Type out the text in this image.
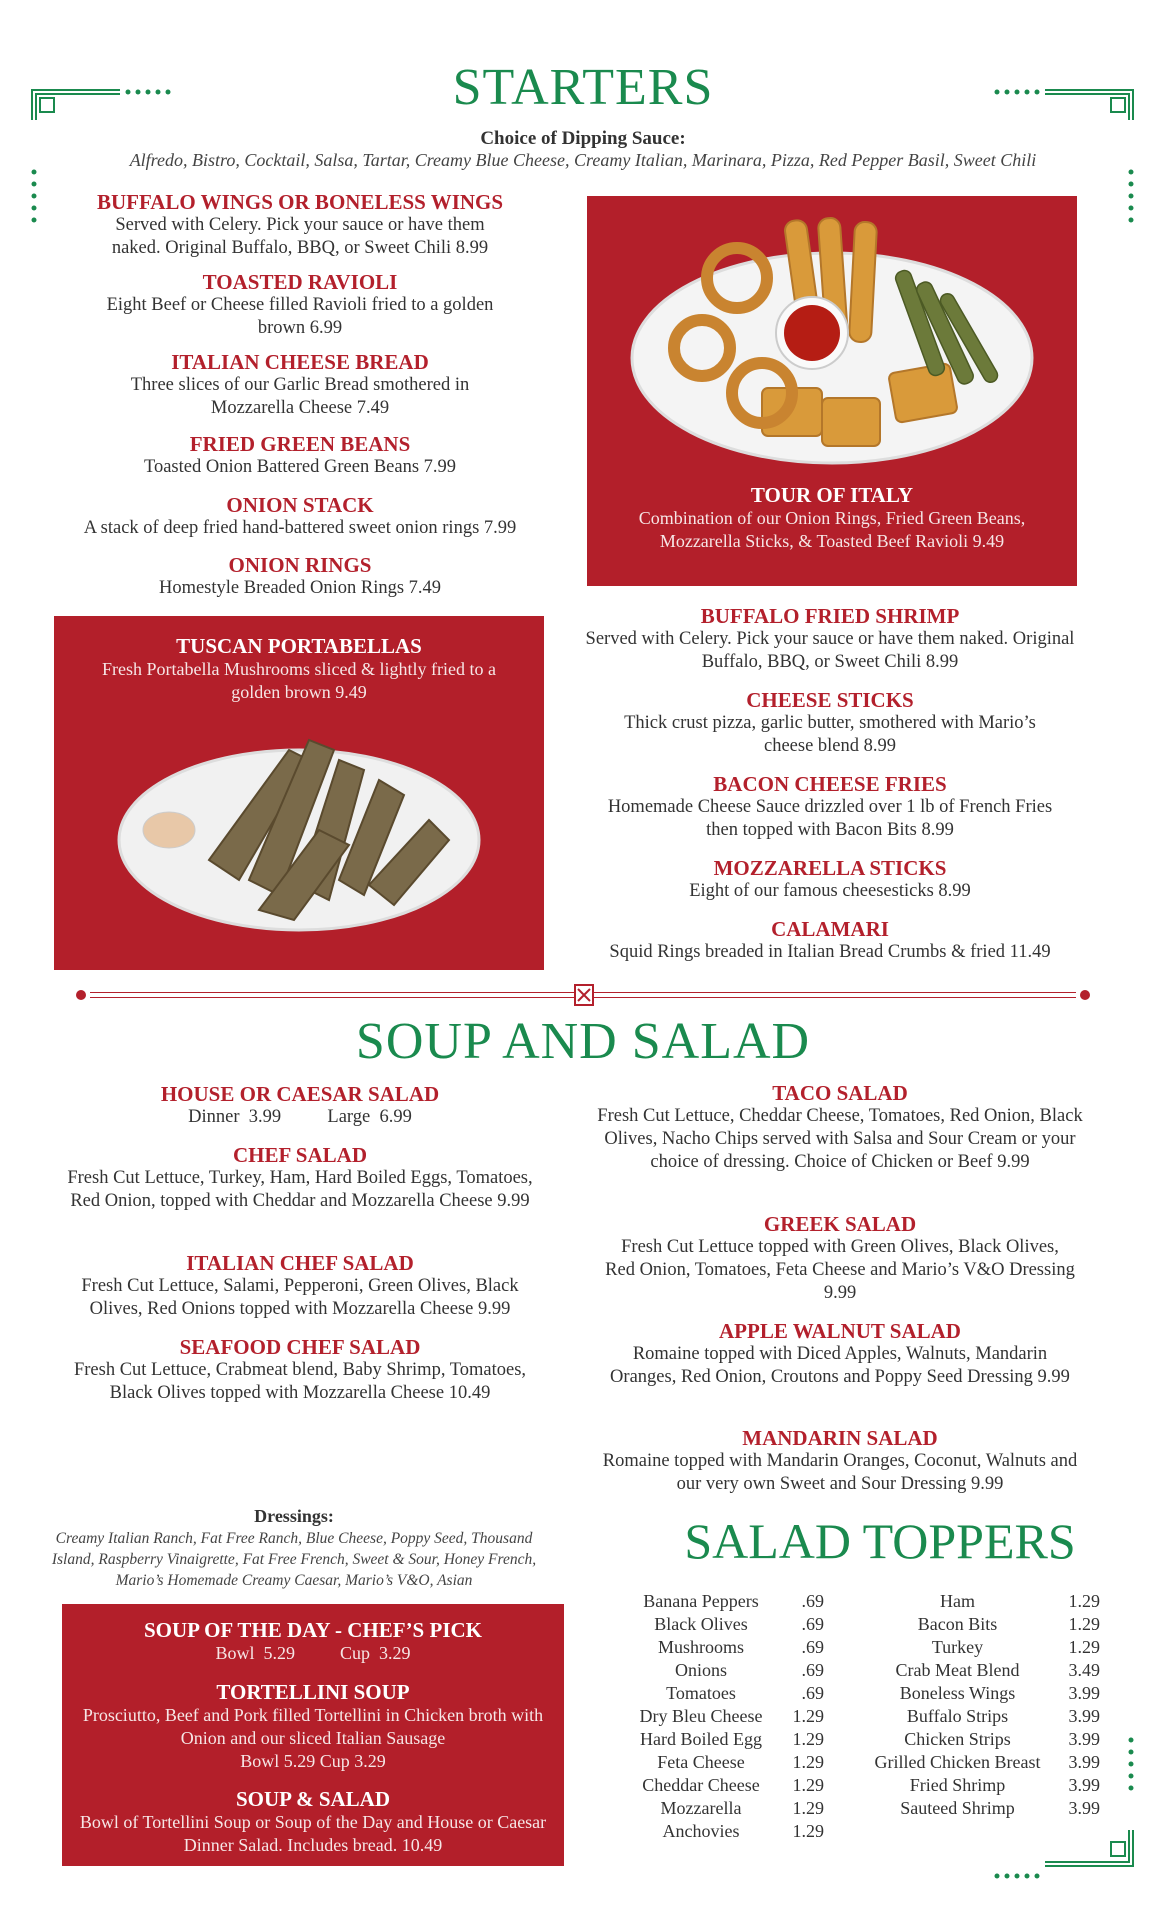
STARTERS
Choice of Dipping Sauce:
Alfredo, Bistro, Cocktail, Salsa, Tartar, Creamy Blue Cheese, Creamy Italian, Marinara, Pizza, Red Pepper Basil, Sweet Chili
BUFFALO WINGS OR BONELESS WINGS
Served with Celery. Pick your sauce or have them naked. Original Buffalo, BBQ, or Sweet Chili 8.99
TOASTED RAVIOLI
Eight Beef or Cheese filled Ravioli fried to a golden brown 6.99
ITALIAN CHEESE BREAD
Three slices of our Garlic Bread smothered in Mozzarella Cheese 7.49
FRIED GREEN BEANS
Toasted Onion Battered Green Beans 7.99
ONION STACK
A stack of deep fried hand-battered sweet onion rings 7.99
ONION RINGS
Homestyle Breaded Onion Rings 7.49
TOUR OF ITALY
Combination of our Onion Rings, Fried Green Beans, Mozzarella Sticks, & Toasted Beef Ravioli 9.49
TUSCAN PORTABELLAS
Fresh Portabella Mushrooms sliced & lightly fried to a golden brown 9.49
BUFFALO FRIED SHRIMP
Served with Celery. Pick your sauce or have them naked. Original Buffalo, BBQ, or Sweet Chili 8.99
CHEESE STICKS
Thick crust pizza, garlic butter, smothered with Mario’s cheese blend 8.99
BACON CHEESE FRIES
Homemade Cheese Sauce drizzled over 1 lb of French Fries then topped with Bacon Bits 8.99
MOZZARELLA STICKS
Eight of our famous cheesesticks 8.99
CALAMARI
Squid Rings breaded in Italian Bread Crumbs & fried 11.49
SOUP AND SALAD
HOUSE OR CAESAR SALAD
Dinner  3.99          Large  6.99
CHEF SALAD
Fresh Cut Lettuce, Turkey, Ham, Hard Boiled Eggs, Tomatoes, Red Onion, topped with Cheddar and Mozzarella Cheese 9.99
ITALIAN CHEF SALAD
Fresh Cut Lettuce, Salami, Pepperoni, Green Olives, Black Olives, Red Onions topped with Mozzarella Cheese 9.99
SEAFOOD CHEF SALAD
Fresh Cut Lettuce, Crabmeat blend, Baby Shrimp, Tomatoes, Black Olives topped with Mozzarella Cheese 10.49
TACO SALAD
Fresh Cut Lettuce, Cheddar Cheese, Tomatoes, Red Onion, Black Olives, Nacho Chips served with Salsa and Sour Cream or your choice of dressing. Choice of Chicken or Beef 9.99
GREEK SALAD
Fresh Cut Lettuce topped with Green Olives, Black Olives, Red Onion, Tomatoes, Feta Cheese and Mario’s V&O Dressing 9.99
APPLE WALNUT SALAD
Romaine topped with Diced Apples, Walnuts, Mandarin Oranges, Red Onion, Croutons and Poppy Seed Dressing 9.99
MANDARIN SALAD
Romaine topped with Mandarin Oranges, Coconut, Walnuts and our very own Sweet and Sour Dressing 9.99
Dressings:
Creamy Italian Ranch, Fat Free Ranch, Blue Cheese, Poppy Seed, Thousand Island, Raspberry Vinaigrette, Fat Free French, Sweet & Sour, Honey French, Mario’s Homemade Creamy Caesar, Mario’s V&O, Asian
SOUP OF THE DAY - CHEF’S PICK
Bowl  5.29          Cup  3.29
TORTELLINI SOUP
Prosciutto, Beef and Pork filled Tortellini in Chicken broth with Onion and our sliced Italian Sausage
Bowl 5.29 Cup 3.29
SOUP & SALAD
Bowl of Tortellini Soup or Soup of the Day and House or Caesar Dinner Salad. Includes bread. 10.49
SALAD TOPPERS
Banana Peppers	.69
Black Olives	.69
Mushrooms	.69
Onions	.69
Tomatoes	.69
Dry Bleu Cheese	1.29
Hard Boiled Egg	1.29
Feta Cheese	1.29
Cheddar Cheese	1.29
Mozzarella	1.29
Anchovies	1.29
Ham	1.29
Bacon Bits	1.29
Turkey	1.29
Crab Meat Blend	3.49
Boneless Wings	3.99
Buffalo Strips	3.99
Chicken Strips	3.99
Grilled Chicken Breast	3.99
Fried Shrimp	3.99
Sauteed Shrimp	3.99
